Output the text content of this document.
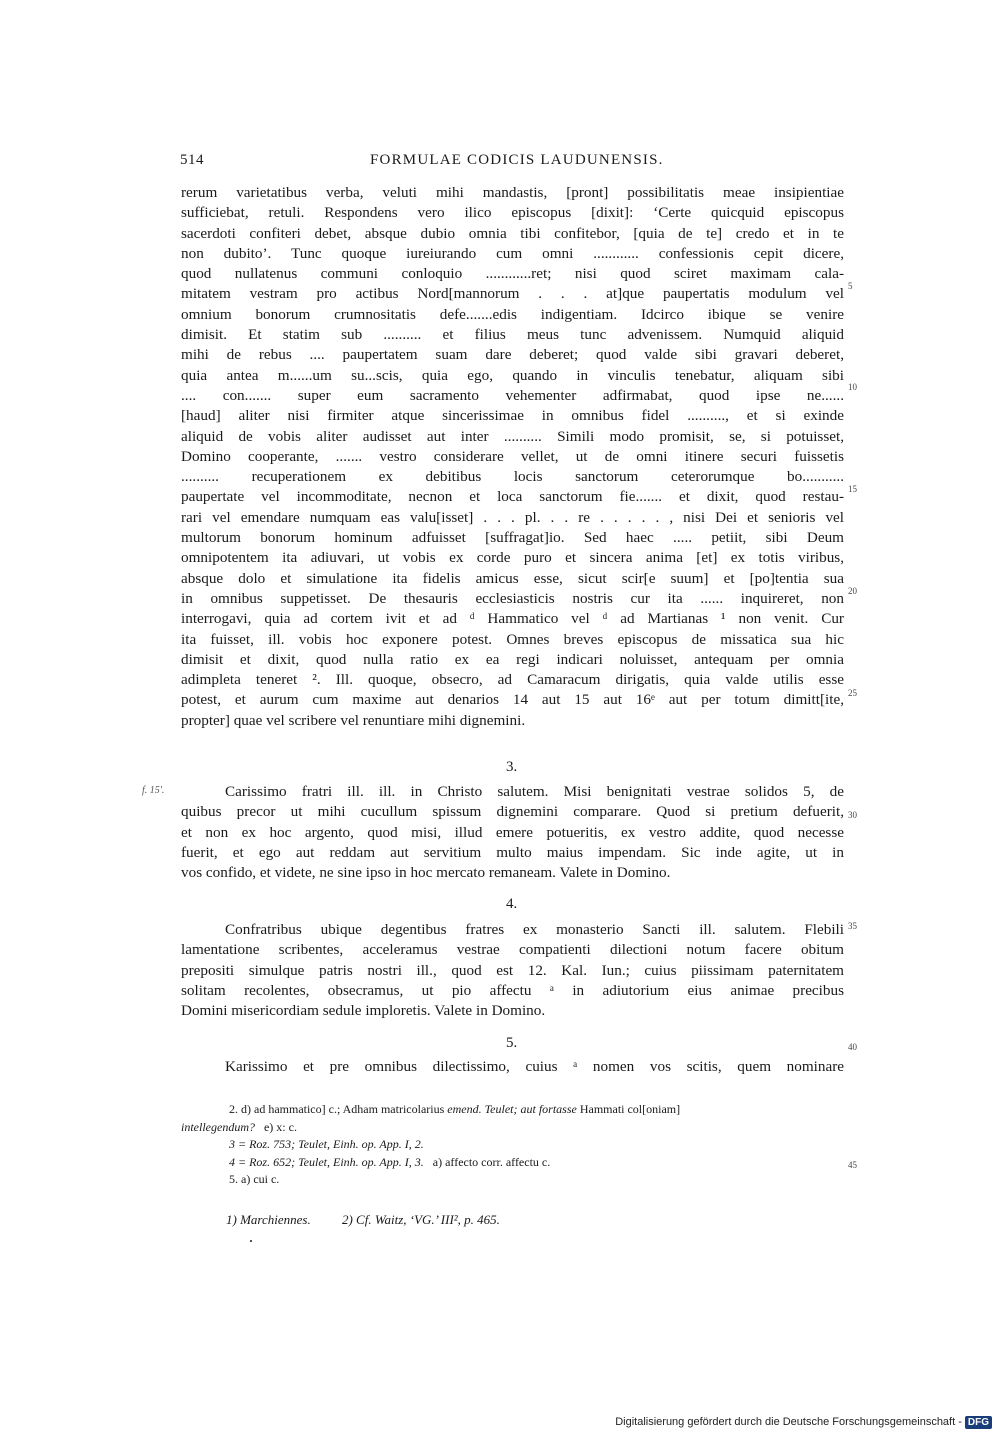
514	FORMULAE CODICIS LAUDUNENSIS.
rerum varietatibus verba, veluti mihi mandastis, [pront] possibilitatis meae insipientiae
sufficiebat, retuli. Respondens vero ilico episcopus [dixit]: ‘Certe quicquid episcopus
sacerdoti confiteri debet, absque dubio omnia tibi confitebor, [quia de te] credo et in te
non dubito’. Tunc quoque iureiurando cum omni ............ confessionis cepit dicere,
quod nullatenus communi conloquio ............ret; nisi quod sciret maximam cala-
mitatem vestram pro actibus Nord[mannorum . . . at]que paupertatis modulum vel
omnium bonorum crumnositatis defe.......edis indigentiam. Idcirco ibique se venire
dimisit. Et statim sub .......... et filius meus tunc advenissem. Numquid aliquid
mihi de rebus .... paupertatem suam dare deberet; quod valde sibi gravari deberet,
quia antea m......um su...scis, quia ego, quando in vinculis tenebatur, aliquam sibi
.... con....... super eum sacramento vehementer adfirmabat, quod ipse ne......
[haud] aliter nisi firmiter atque sincerissimae in omnibus fidel .........., et si exinde
aliquid de vobis aliter audisset aut inter .......... Simili modo promisit, se, si potuisset,
Domino cooperante, ....... vestro considerare vellet, ut de omni itinere securi fuissetis
.......... recuperationem ex debitibus locis sanctorum ceterorumque bo...........
paupertate vel incommoditate, necnon et loca sanctorum fie....... et dixit, quod restau-
rari vel emendare numquam eas valu[isset] . . . pl. . . re . . . . . , nisi Dei et senioris vel
multorum bonorum hominum adfuisset [suffragat]io. Sed haec ..... petiit, sibi Deum
omnipotentem ita adiuvari, ut vobis ex corde puro et sincera anima [et] ex totis viribus,
absque dolo et simulatione ita fidelis amicus esse, sicut scir[e suum] et [po]tentia sua
in omnibus suppetisset. De thesauris ecclesiasticis nostris cur ita ...... inquireret, non
interrogavi, quia ad cortem ivit et ad ᵈ Hammatico vel ᵈ ad Martianas ¹ non venit. Cur
ita fuisset, ill. vobis hoc exponere potest. Omnes breves episcopus de missatica sua hic
dimisit et dixit, quod nulla ratio ex ea regi indicari noluisset, antequam per omnia
adimpleta teneret ². Ill. quoque, obsecro, ad Camaracum dirigatis, quia valde utilis esse
potest, et aurum cum maxime aut denarios 14 aut 15 aut 16ᵉ aut per totum dimitt[ite,
propter] quae vel scribere vel renuntiare mihi dignemini.
5
10
15
20
25
30
35
40
45
3.
f. 15'.	Carissimo fratri ill. ill. in Christo salutem. Misi benignitati vestrae solidos 5, de
quibus precor ut mihi cucullum spissum dignemini comparare. Quod si pretium defuerit,
et non ex hoc argento, quod misi, illud emere potueritis, ex vestro addite, quod necesse
fuerit, et ego aut reddam aut servitium multo maius impendam. Sic inde agite, ut in
vos confido, et videte, ne sine ipso in hoc mercato remaneam. Valete in Domino.
4.
Confratribus ubique degentibus fratres ex monasterio Sancti ill. salutem. Flebili
lamentatione scribentes, acceleramus vestrae compatienti dilectioni notum facere obitum
prepositi simulque patris nostri ill., quod est 12. Kal. Iun.; cuius piissimam paternitatem
solitam recolentes, obsecramus, ut pio affectu ᵃ in adiutorium eius animae precibus
Domini misericordiam sedule imploretis. Valete in Domino.
5.
Karissimo et pre omnibus dilectissimo, cuius ᵃ nomen vos scitis, quem nominare
2. d) ad hammatico] c.; Adham matricolarius emend. Teulet; aut fortasse Hammati col[oniam]
intellegendum? e) x: c.
3 = Roz. 753; Teulet, Einh. op. App. I, 2.
4 = Roz. 652; Teulet, Einh. op. App. I, 3. a) affecto corr. affectu c.
5. a) cui c.
1) Marchiennes. 2) Cf. Waitz, ‘VG.’ III², p. 465.
Digitalisierung gefördert durch die Deutsche Forschungsgemeinschaft - DFG
